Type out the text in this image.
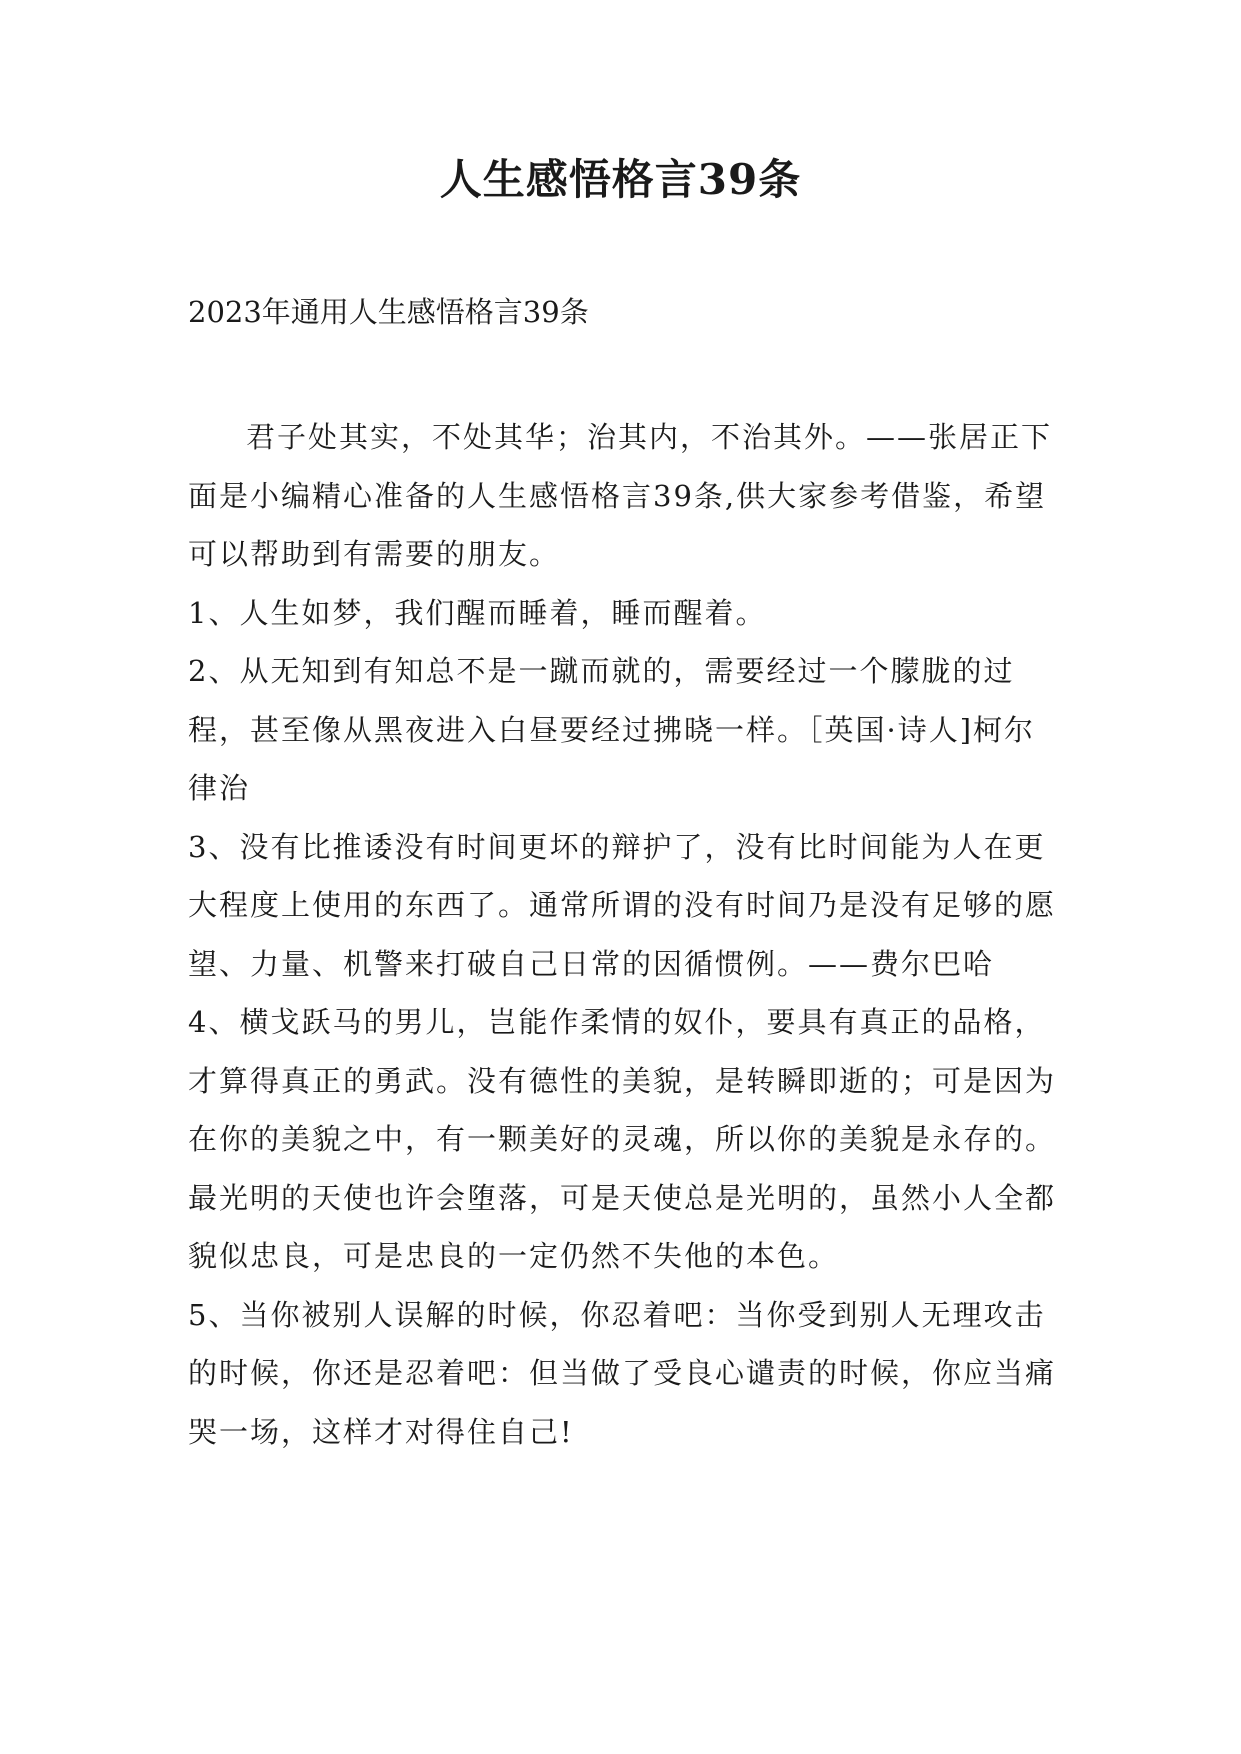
人生感悟格言39条
2023年通用人生感悟格言39条

君子处其实，不处其华；治其内，不治其外。——张居正下面是小编精心准备的人生感悟格言39条,供大家参考借鉴，希望可以帮助到有需要的朋友。

1、人生如梦，我们醒而睡着，睡而醒着。

2、从无知到有知总不是一蹴而就的，需要经过一个朦胧的过程，甚至像从黑夜进入白昼要经过拂晓一样。［英国·诗人]柯尔律治

3、没有比推诿没有时间更坏的辩护了，没有比时间能为人在更大程度上使用的东西了。通常所谓的没有时间乃是没有足够的愿望、力量、机警来打破自己日常的因循惯例。——费尔巴哈

4、横戈跃马的男儿，岂能作柔情的奴仆，要具有真正的品格，才算得真正的勇武。没有德性的美貌，是转瞬即逝的；可是因为在你的美貌之中，有一颗美好的灵魂，所以你的美貌是永存的。最光明的天使也许会堕落，可是天使总是光明的，虽然小人全都貌似忠良，可是忠良的一定仍然不失他的本色。

5、当你被别人误解的时候，你忍着吧：当你受到别人无理攻击的时候，你还是忍着吧：但当做了受良心谴责的时候，你应当痛哭一场，这样才对得住自己!
